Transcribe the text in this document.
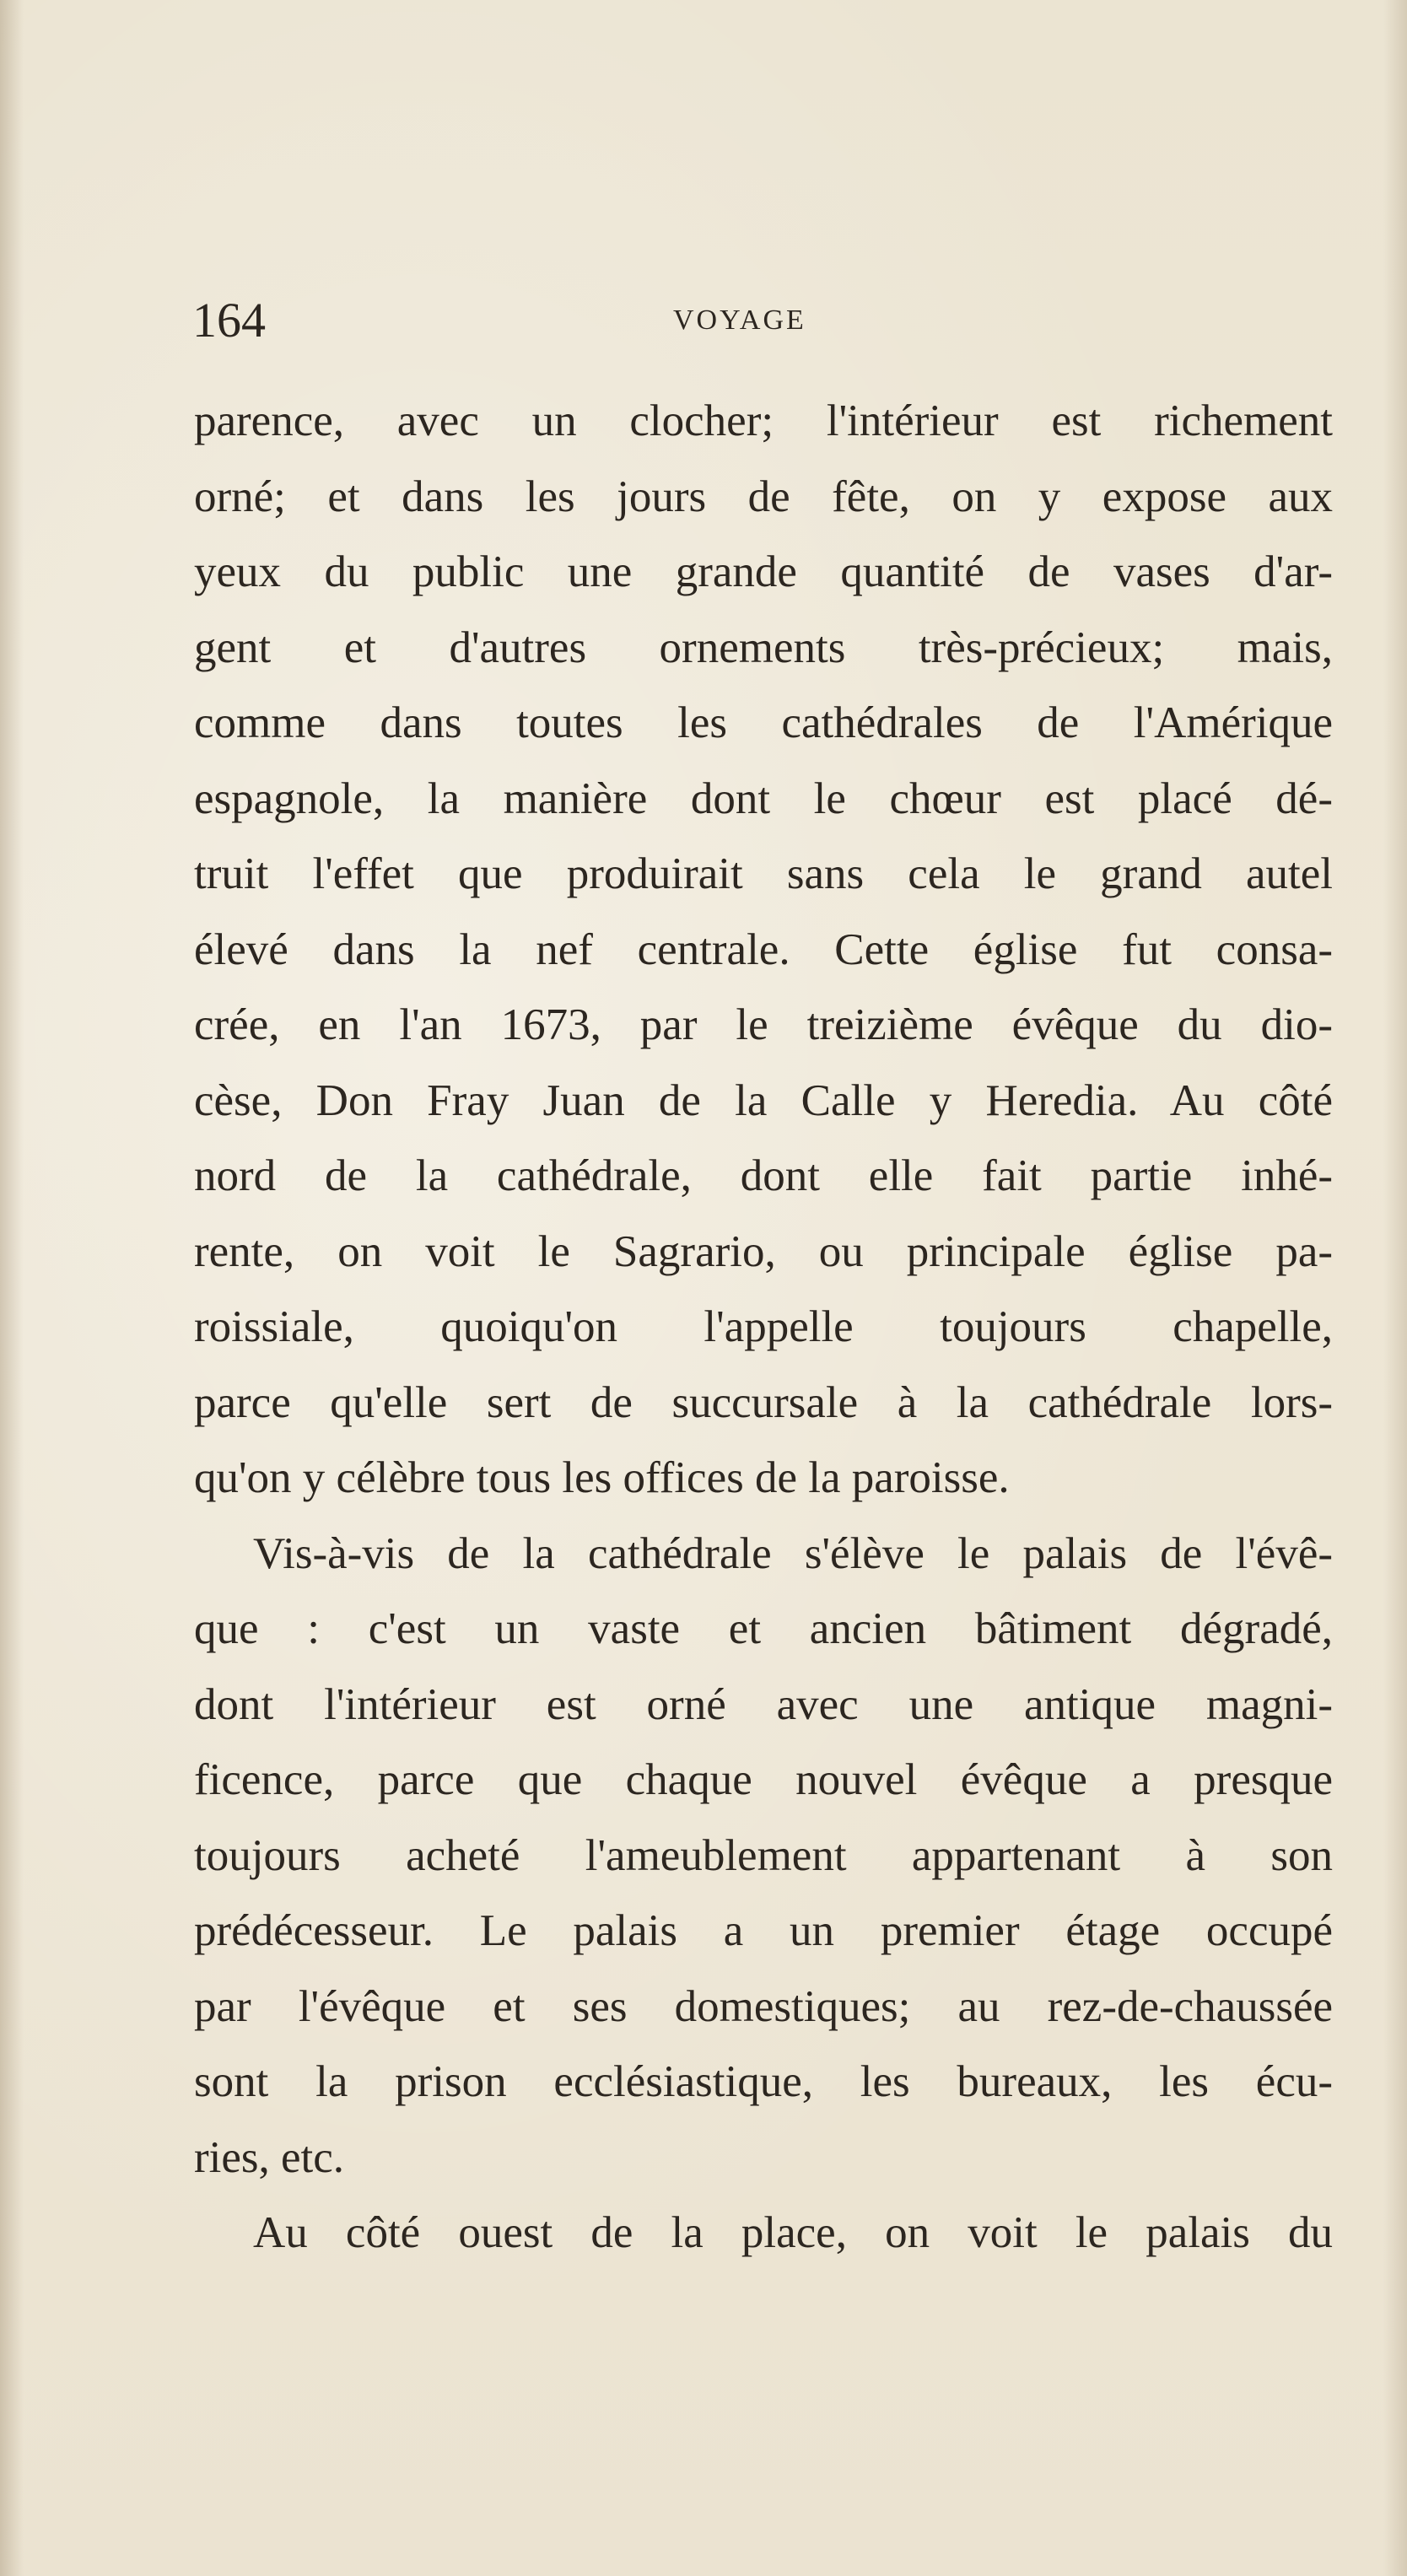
164	VOYAGE
parence, avec un clocher; l'intérieur est richement
orné; et dans les jours de fête, on y expose aux
yeux du public une grande quantité de vases d'ar-
gent et d'autres ornements très-précieux; mais,
comme dans toutes les cathédrales de l'Amérique
espagnole, la manière dont le chœur est placé dé-
truit l'effet que produirait sans cela le grand autel
élevé dans la nef centrale. Cette église fut consa-
crée, en l'an 1673, par le treizième évêque du dio-
cèse, Don Fray Juan de la Calle y Heredia. Au côté
nord de la cathédrale, dont elle fait partie inhé-
rente, on voit le Sagrario, ou principale église pa-
roissiale, quoiqu'on l'appelle toujours chapelle,
parce qu'elle sert de succursale à la cathédrale lors-
qu'on y célèbre tous les offices de la paroisse.
Vis-à-vis de la cathédrale s'élève le palais de l'évê-
que : c'est un vaste et ancien bâtiment dégradé,
dont l'intérieur est orné avec une antique magni-
ficence, parce que chaque nouvel évêque a presque
toujours acheté l'ameublement appartenant à son
prédécesseur. Le palais a un premier étage occupé
par l'évêque et ses domestiques; au rez-de-chaussée
sont la prison ecclésiastique, les bureaux, les écu-
ries, etc.
Au côté ouest de la place, on voit le palais du
